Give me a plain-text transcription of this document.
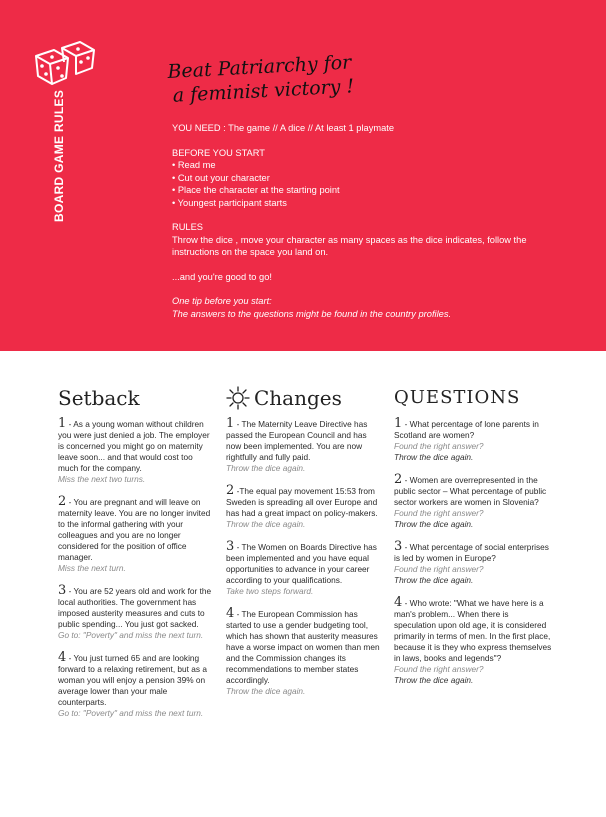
BOARD GAME RULES
Beat Patriarchy for
a feminist victory !

YOU NEED : The game // A dice // At least 1 playmate

BEFORE YOU START
• Read me
• Cut out your character
• Place the character at the starting point
• Youngest participant starts
RULES

Throw the dice , move your character as many spaces as the dice indicates, follow the instructions on the space you land on.

...and you're good to go!

One tip before you start:
The answers to the questions might be found in the country profiles.
Setback
1 - As a young woman without children you were just denied a job. The employer is concerned you might go on maternity leave soon... and that would cost too much for the company.
Miss the next two turns.
2 - You are pregnant and will leave on maternity leave. You are no longer invited to the informal gathering with your colleagues and you are no longer considered for the position of office manager.
Miss the next turn.
3 - You are 52 years old and work for the local authorities. The government has imposed austerity measures and cuts to public spending... You just got sacked.
Go to: "Poverty" and miss the next turn.
4 - You just turned 65 and are looking forward to a relaxing retirement, but as a woman you will enjoy a pension 39% on average lower than your male counterparts.
Go to: "Poverty" and miss the next turn.
Changes
1 - The Maternity Leave Directive has passed the European Council and has now been implemented. You are now rightfully and fully paid.
Throw the dice again.
2 -The equal pay movement 15:53 from Sweden is spreading all over Europe and has had a great impact on policy-makers.
Throw the dice again.
3 - The Women on Boards Directive has been implemented and you have equal opportunities to advance in your career according to your qualifications.
Take two steps forward.
4 - The European Commission has started to use a gender budgeting tool, which has shown that austerity measures have a worse impact on women than men and the Commission changes its recommendations to member states accordingly.
Throw the dice again.
QUESTIONS
1 - What percentage of lone parents in Scotland are women?
Found the right answer?
Throw the dice again.
2 - Women are overrepresented in the public sector – What percentage of public sector workers are women in Slovenia?
Found the right answer?
Throw the dice again.
3 - What percentage of social enterprises is led by women in Europe?
Found the right answer?
Throw the dice again.
4 - Who wrote: "What we have here is a man's problem... When there is speculation upon old age, it is considered primarily in terms of men. In the first place, because it is they who express themselves in laws, books and legends"?
Found the right answer?
Throw the dice again.
